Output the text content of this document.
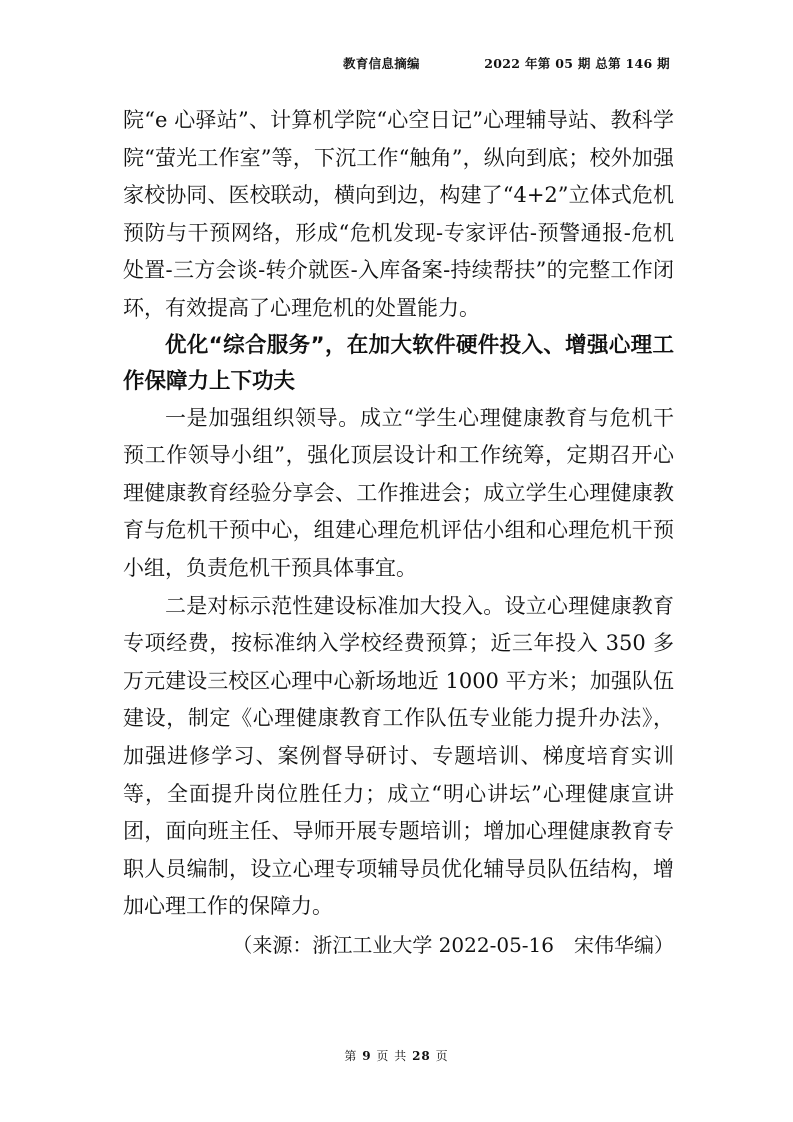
教育信息摘编	2022 年第 05 期 总第 146 期

院“e 心驿站”、计算机学院“心空日记”心理辅导站、教科学院“萤光工作室”等，下沉工作“触角”，纵向到底；校外加强家校协同、医校联动，横向到边，构建了“4+2”立体式危机预防与干预网络，形成“危机发现-专家评估-预警通报-危机处置-三方会谈-转介就医-入库备案-持续帮扶”的完整工作闭环，有效提高了心理危机的处置能力。

优化“综合服务”，在加大软件硬件投入、增强心理工作保障力上下功夫

一是加强组织领导。成立“学生心理健康教育与危机干预工作领导小组”，强化顶层设计和工作统筹，定期召开心理健康教育经验分享会、工作推进会；成立学生心理健康教育与危机干预中心，组建心理危机评估小组和心理危机干预小组，负责危机干预具体事宜。

二是对标示范性建设标准加大投入。设立心理健康教育专项经费，按标准纳入学校经费预算；近三年投入 350 多万元建设三校区心理中心新场地近 1000 平方米；加强队伍建设，制定《心理健康教育工作队伍专业能力提升办法》，加强进修学习、案例督导研讨、专题培训、梯度培育实训等，全面提升岗位胜任力；成立“明心讲坛”心理健康宣讲团，面向班主任、导师开展专题培训；增加心理健康教育专职人员编制，设立心理专项辅导员优化辅导员队伍结构，增加心理工作的保障力。

（来源：浙江工业大学 2022-05-16　宋伟华编）

第 9 页 共 28 页
